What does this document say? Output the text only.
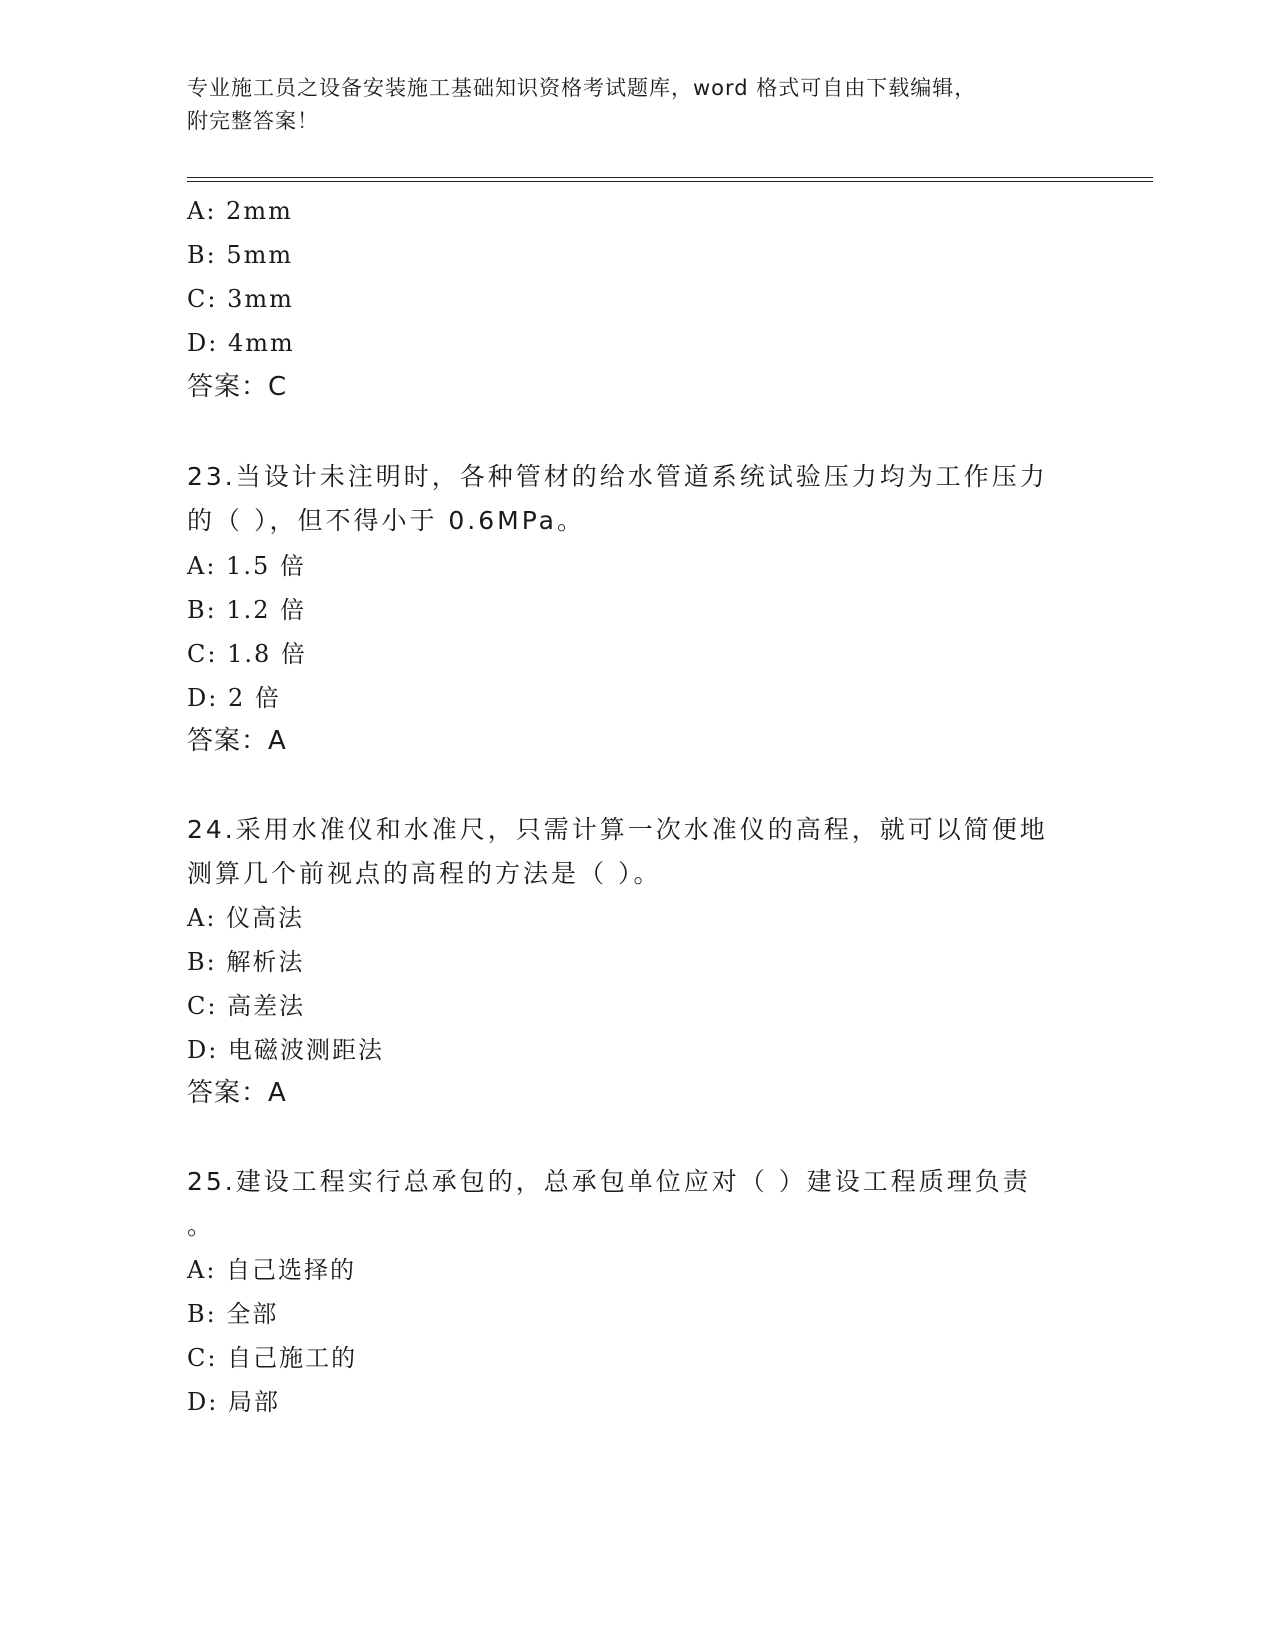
专业施工员之设备安装施工基础知识资格考试题库，word 格式可自由下载编辑，
附完整答案！
A: 2mm
B: 5mm
C: 3mm
D: 4mm
答案：C
23.当设计未注明时，各种管材的给水管道系统试验压力均为工作压力
的（ ），但不得小于 0.6MPa。
A: 1.5 倍
B: 1.2 倍
C: 1.8 倍
D: 2 倍
答案：A
24.采用水准仪和水准尺，只需计算一次水准仪的高程，就可以简便地
测算几个前视点的高程的方法是（ ）。
A: 仪高法
B: 解析法
C: 高差法
D: 电磁波测距法
答案：A
25.建设工程实行总承包的，总承包单位应对（ ）建设工程质理负责
。
A: 自己选择的
B: 全部
C: 自己施工的
D: 局部
